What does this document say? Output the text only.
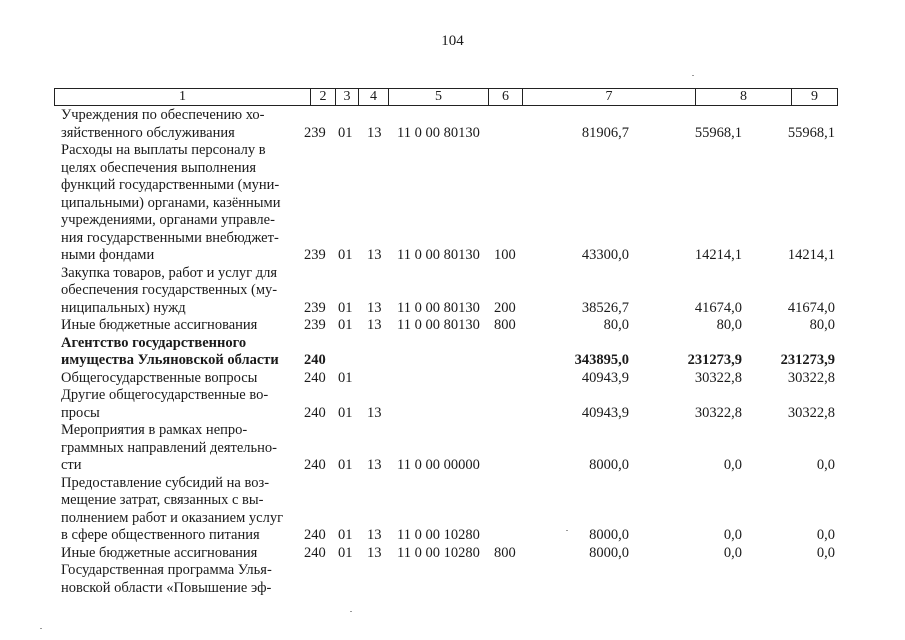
104
1	2	3	4	5	6	7	8	9
Учреждения по обеспечению хо-
зяйственного обслуживания	239 01 13 11 0 00 80130	81906,7	55968,1	55968,1
Расходы на выплаты персоналу в
целях обеспечения выполнения
функций государственными (муни-
ципальными) органами, казёнными
учреждениями, органами управле-
ния государственными внебюджет-
ными фондами	239 01 13 11 0 00 80130 100	43300,0	14214,1	14214,1
Закупка товаров, работ и услуг для
обеспечения государственных (му-
ниципальных) нужд	239 01 13 11 0 00 80130 200	38526,7	41674,0	41674,0
Иные бюджетные ассигнования	239 01 13 11 0 00 80130 800	80,0	80,0	80,0
Агентство государственного
имущества Ульяновской области	240	343895,0	231273,9	231273,9
Общегосударственные вопросы	240 01	40943,9	30322,8	30322,8
Другие общегосударственные во-
просы	240 01 13	40943,9	30322,8	30322,8
Мероприятия в рамках непро-
граммных направлений деятельно-
сти	240 01 13 11 0 00 00000	8000,0	0,0	0,0
Предоставление субсидий на воз-
мещение затрат, связанных с вы-
полнением работ и оказанием услуг
в сфере общественного питания	240 01 13 11 0 00 10280	8000,0	0,0	0,0
Иные бюджетные ассигнования	240 01 13 11 0 00 10280 800	8000,0	0,0	0,0
Государственная программа Улья-
новской области «Повышение эф-
